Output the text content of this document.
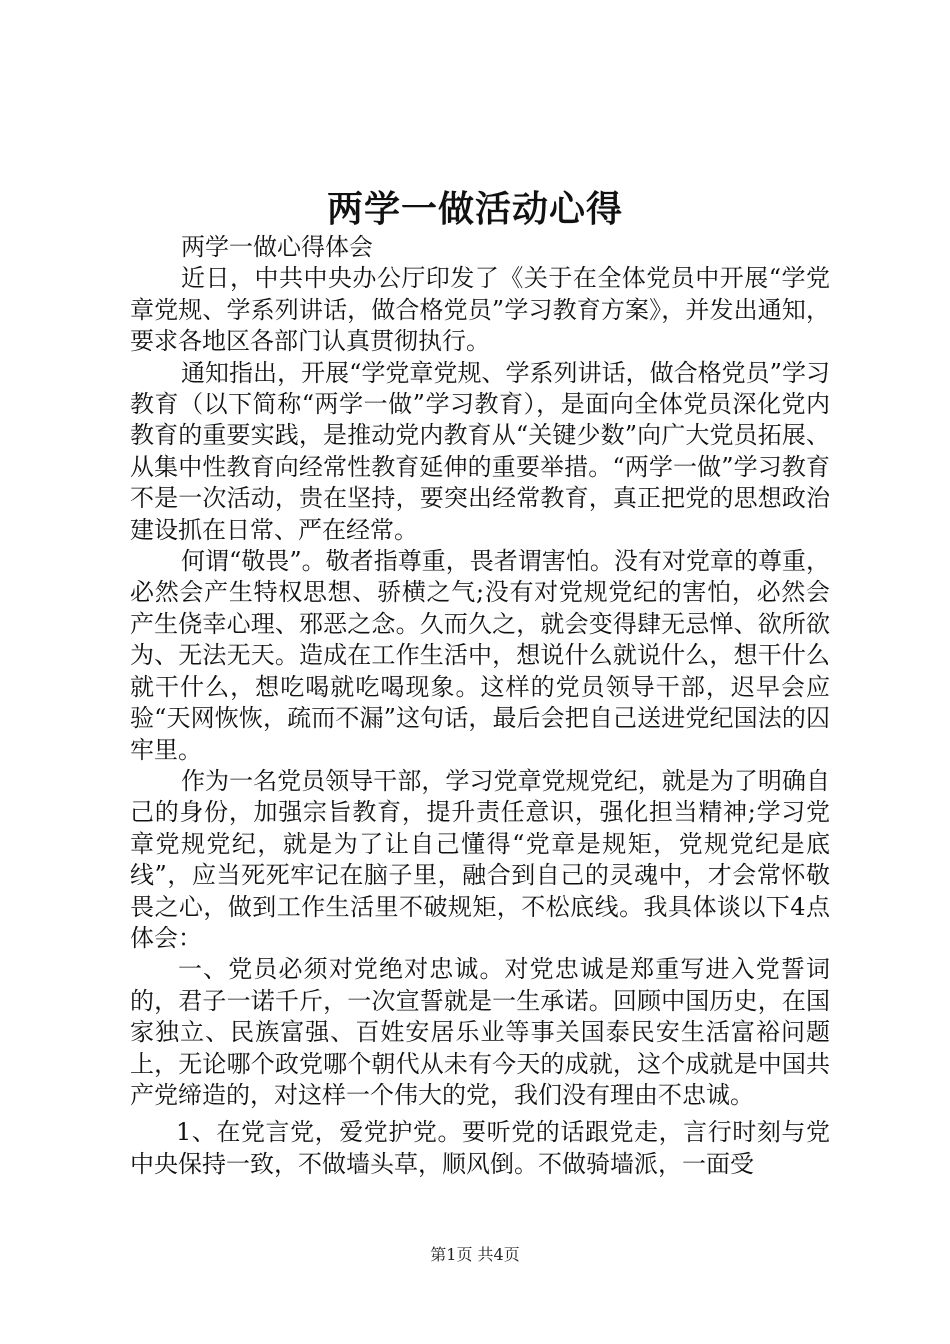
两学一做活动心得

两学一做心得体会

近日，中共中央办公厅印发了《关于在全体党员中开展“学党章党规、学系列讲话，做合格党员”学习教育方案》，并发出通知，要求各地区各部门认真贯彻执行。

通知指出，开展“学党章党规、学系列讲话，做合格党员”学习教育（以下简称“两学一做”学习教育），是面向全体党员深化党内教育的重要实践，是推动党内教育从“关键少数”向广大党员拓展、从集中性教育向经常性教育延伸的重要举措。“两学一做”学习教育不是一次活动，贵在坚持，要突出经常教育，真正把党的思想政治建设抓在日常、严在经常。

何谓“敬畏”。敬者指尊重，畏者谓害怕。没有对党章的尊重，必然会产生特权思想、骄横之气;没有对党规党纪的害怕，必然会产生侥幸心理、邪恶之念。久而久之，就会变得肆无忌惮、欲所欲为、无法无天。造成在工作生活中，想说什么就说什么，想干什么就干什么，想吃喝就吃喝现象。这样的党员领导干部，迟早会应验“天网恢恢，疏而不漏”这句话，最后会把自己送进党纪国法的囚牢里。

作为一名党员领导干部，学习党章党规党纪，就是为了明确自己的身份，加强宗旨教育，提升责任意识，强化担当精神;学习党章党规党纪，就是为了让自己懂得“党章是规矩，党规党纪是底线”，应当死死牢记在脑子里，融合到自己的灵魂中，才会常怀敬畏之心，做到工作生活里不破规矩，不松底线。我具体谈以下4点体会：

一、党员必须对党绝对忠诚。对党忠诚是郑重写进入党誓词的，君子一诺千斤，一次宣誓就是一生承诺。回顾中国历史，在国家独立、民族富强、百姓安居乐业等事关国泰民安生活富裕问题上，无论哪个政党哪个朝代从未有今天的成就，这个成就是中国共产党缔造的，对这样一个伟大的党，我们没有理由不忠诚。

1、在党言党，爱党护党。要听党的话跟党走，言行时刻与党中央保持一致，不做墙头草，顺风倒。不做骑墙派，一面受

第1页 共4页
